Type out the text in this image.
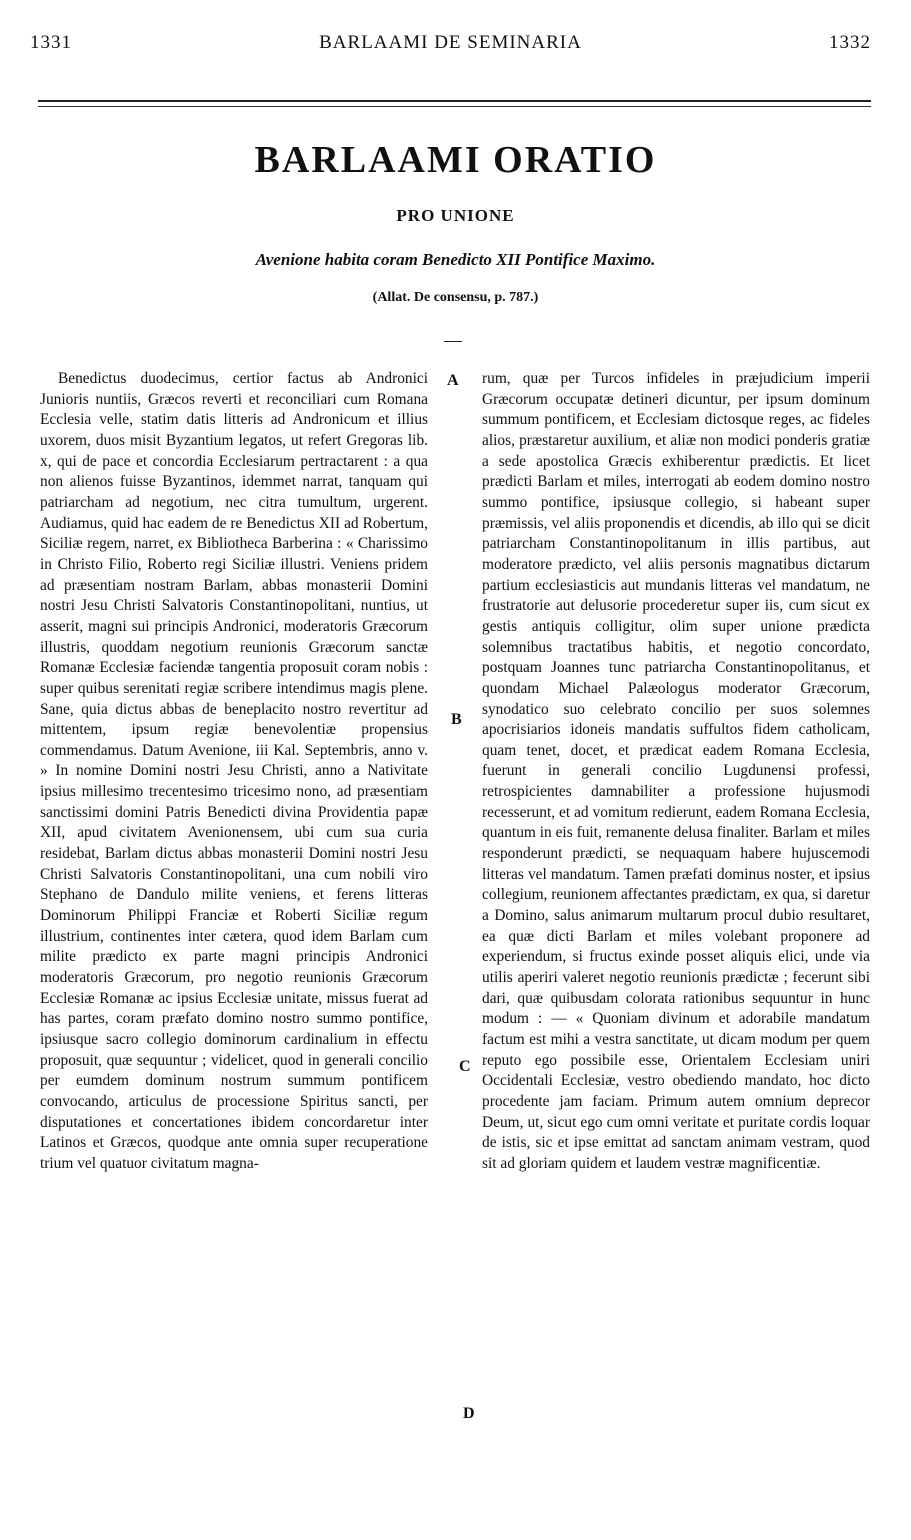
1331	BARLAAMI DE SEMINARIA	1332
BARLAAMI ORATIO
PRO UNIONE
Avenione habita coram Benedicto XII Pontifice Maximo.
(Allat. De consensu, p. 787.)

Benedictus duodecimus, certior factus ab Andronici Junioris nuntiis, Græcos reverti et reconciliari cum Romana Ecclesia velle, statim datis litteris ad Andronicum et illius uxorem, duos misit Byzantium legatos, ut refert Gregoras lib. x, qui de pace et concordia Ecclesiarum pertractarent : a qua non alienos fuisse Byzantinos, idemmet narrat, tanquam qui patriarcham ad negotium, nec citra tumultum, urgerent. Audiamus, quid hac eadem de re Benedictus XII ad Robertum, Siciliæ regem, narret, ex Bibliotheca Barberina : « Charissimo in Christo Filio, Roberto regi Siciliæ illustri. Veniens pridem ad præsentiam nostram Barlam, abbas monasterii Domini nostri Jesu Christi Salvatoris Constantinopolitani, nuntius, ut asserit, magni sui principis Andronici, moderatoris Græcorum illustris, quoddam negotium reunionis Græcorum sanctæ Romanæ Ecclesiæ faciendæ tangentia proposuit coram nobis : super quibus serenitati regiæ scribere intendimus magis plene. Sane, quia dictus abbas de beneplacito nostro revertitur ad mittentem, ipsum regiæ benevolentiæ propensius commendamus. Datum Avenione, iii Kal. Septembris, anno v. » In nomine Domini nostri Jesu Christi, anno a Nativitate ipsius millesimo trecentesimo tricesimo nono, ad præsentiam sanctissimi domini Patris Benedicti divina Providentia papæ XII, apud civitatem Avenionensem, ubi cum sua curia residebat, Barlam dictus abbas monasterii Domini nostri Jesu Christi Salvatoris Constantinopolitani, una cum nobili viro Stephano de Dandulo milite veniens, et ferens litteras Dominorum Philippi Franciæ et Roberti Siciliæ regum illustrium, continentes inter cætera, quod idem Barlam cum milite prædicto ex parte magni principis Andronici moderatoris Græcorum, pro negotio reunionis Græcorum Ecclesiæ Romanæ ac ipsius Ecclesiæ unitate, missus fuerat ad has partes, coram præfato domino nostro summo pontifice, ipsiusque sacro collegio dominorum cardinalium in effectu proposuit, quæ sequuntur ; videlicet, quod in generali concilio per eumdem dominum nostrum summum pontificem convocando, articulus de processione Spiritus sancti, per disputationes et concertationes ibidem concordaretur inter Latinos et Græcos, quodque ante omnia super recuperatione trium vel quatuor civitatum magna-

rum, quæ per Turcos infideles in præjudicium imperii Græcorum occupatæ detineri dicuntur, per ipsum dominum summum pontificem, et Ecclesiam dictosque reges, ac fideles alios, præstaretur auxilium, et aliæ non modici ponderis gratiæ a sede apostolica Græcis exhiberentur prædictis. Et licet prædicti Barlam et miles, interrogati ab eodem domino nostro summo pontifice, ipsiusque collegio, si habeant super præmissis, vel aliis proponendis et dicendis, ab illo qui se dicit patriarcham Constantinopolitanum in illis partibus, aut moderatore prædicto, vel aliis personis magnatibus dictarum partium ecclesiasticis aut mundanis litteras vel mandatum, ne frustratorie aut delusorie procederetur super iis, cum sicut ex gestis antiquis colligitur, olim super unione prædicta solemnibus tractatibus habitis, et negotio concordato, postquam Joannes tunc patriarcha Constantinopolitanus, et quondam Michael Palæologus moderator Græcorum, synodatico suo celebrato concilio per suos solemnes apocrisiarios idoneis mandatis suffultos fidem catholicam, quam tenet, docet, et prædicat eadem Romana Ecclesia, fuerunt in generali concilio Lugdunensi professi, retrospicientes damnabiliter a professione hujusmodi recesserunt, et ad vomitum redierunt, eadem Romana Ecclesia, quantum in eis fuit, remanente delusa finaliter. Barlam et miles responderunt prædicti, se nequaquam habere hujuscemodi litteras vel mandatum. Tamen præfati dominus noster, et ipsius collegium, reunionem affectantes prædictam, ex qua, si daretur a Domino, salus animarum multarum procul dubio resultaret, ea quæ dicti Barlam et miles volebant proponere ad experiendum, si fructus exinde posset aliquis elici, unde via utilis aperiri valeret negotio reunionis prædictæ ; fecerunt sibi dari, quæ quibusdam colorata rationibus sequuntur in hunc modum : — « Quoniam divinum et adorabile mandatum factum est mihi a vestra sanctitate, ut dicam modum per quem reputo ego possibile esse, Orientalem Ecclesiam uniri Occidentali Ecclesiæ, vestro obediendo mandato, hoc dicto procedente jam faciam. Primum autem omnium deprecor Deum, ut, sicut ego cum omni veritate et puritate cordis loquar de istis, sic et ipse emittat ad sanctam animam vestram, quod sit ad gloriam quidem et laudem vestræ magnificentiæ.

A
B
C
D
